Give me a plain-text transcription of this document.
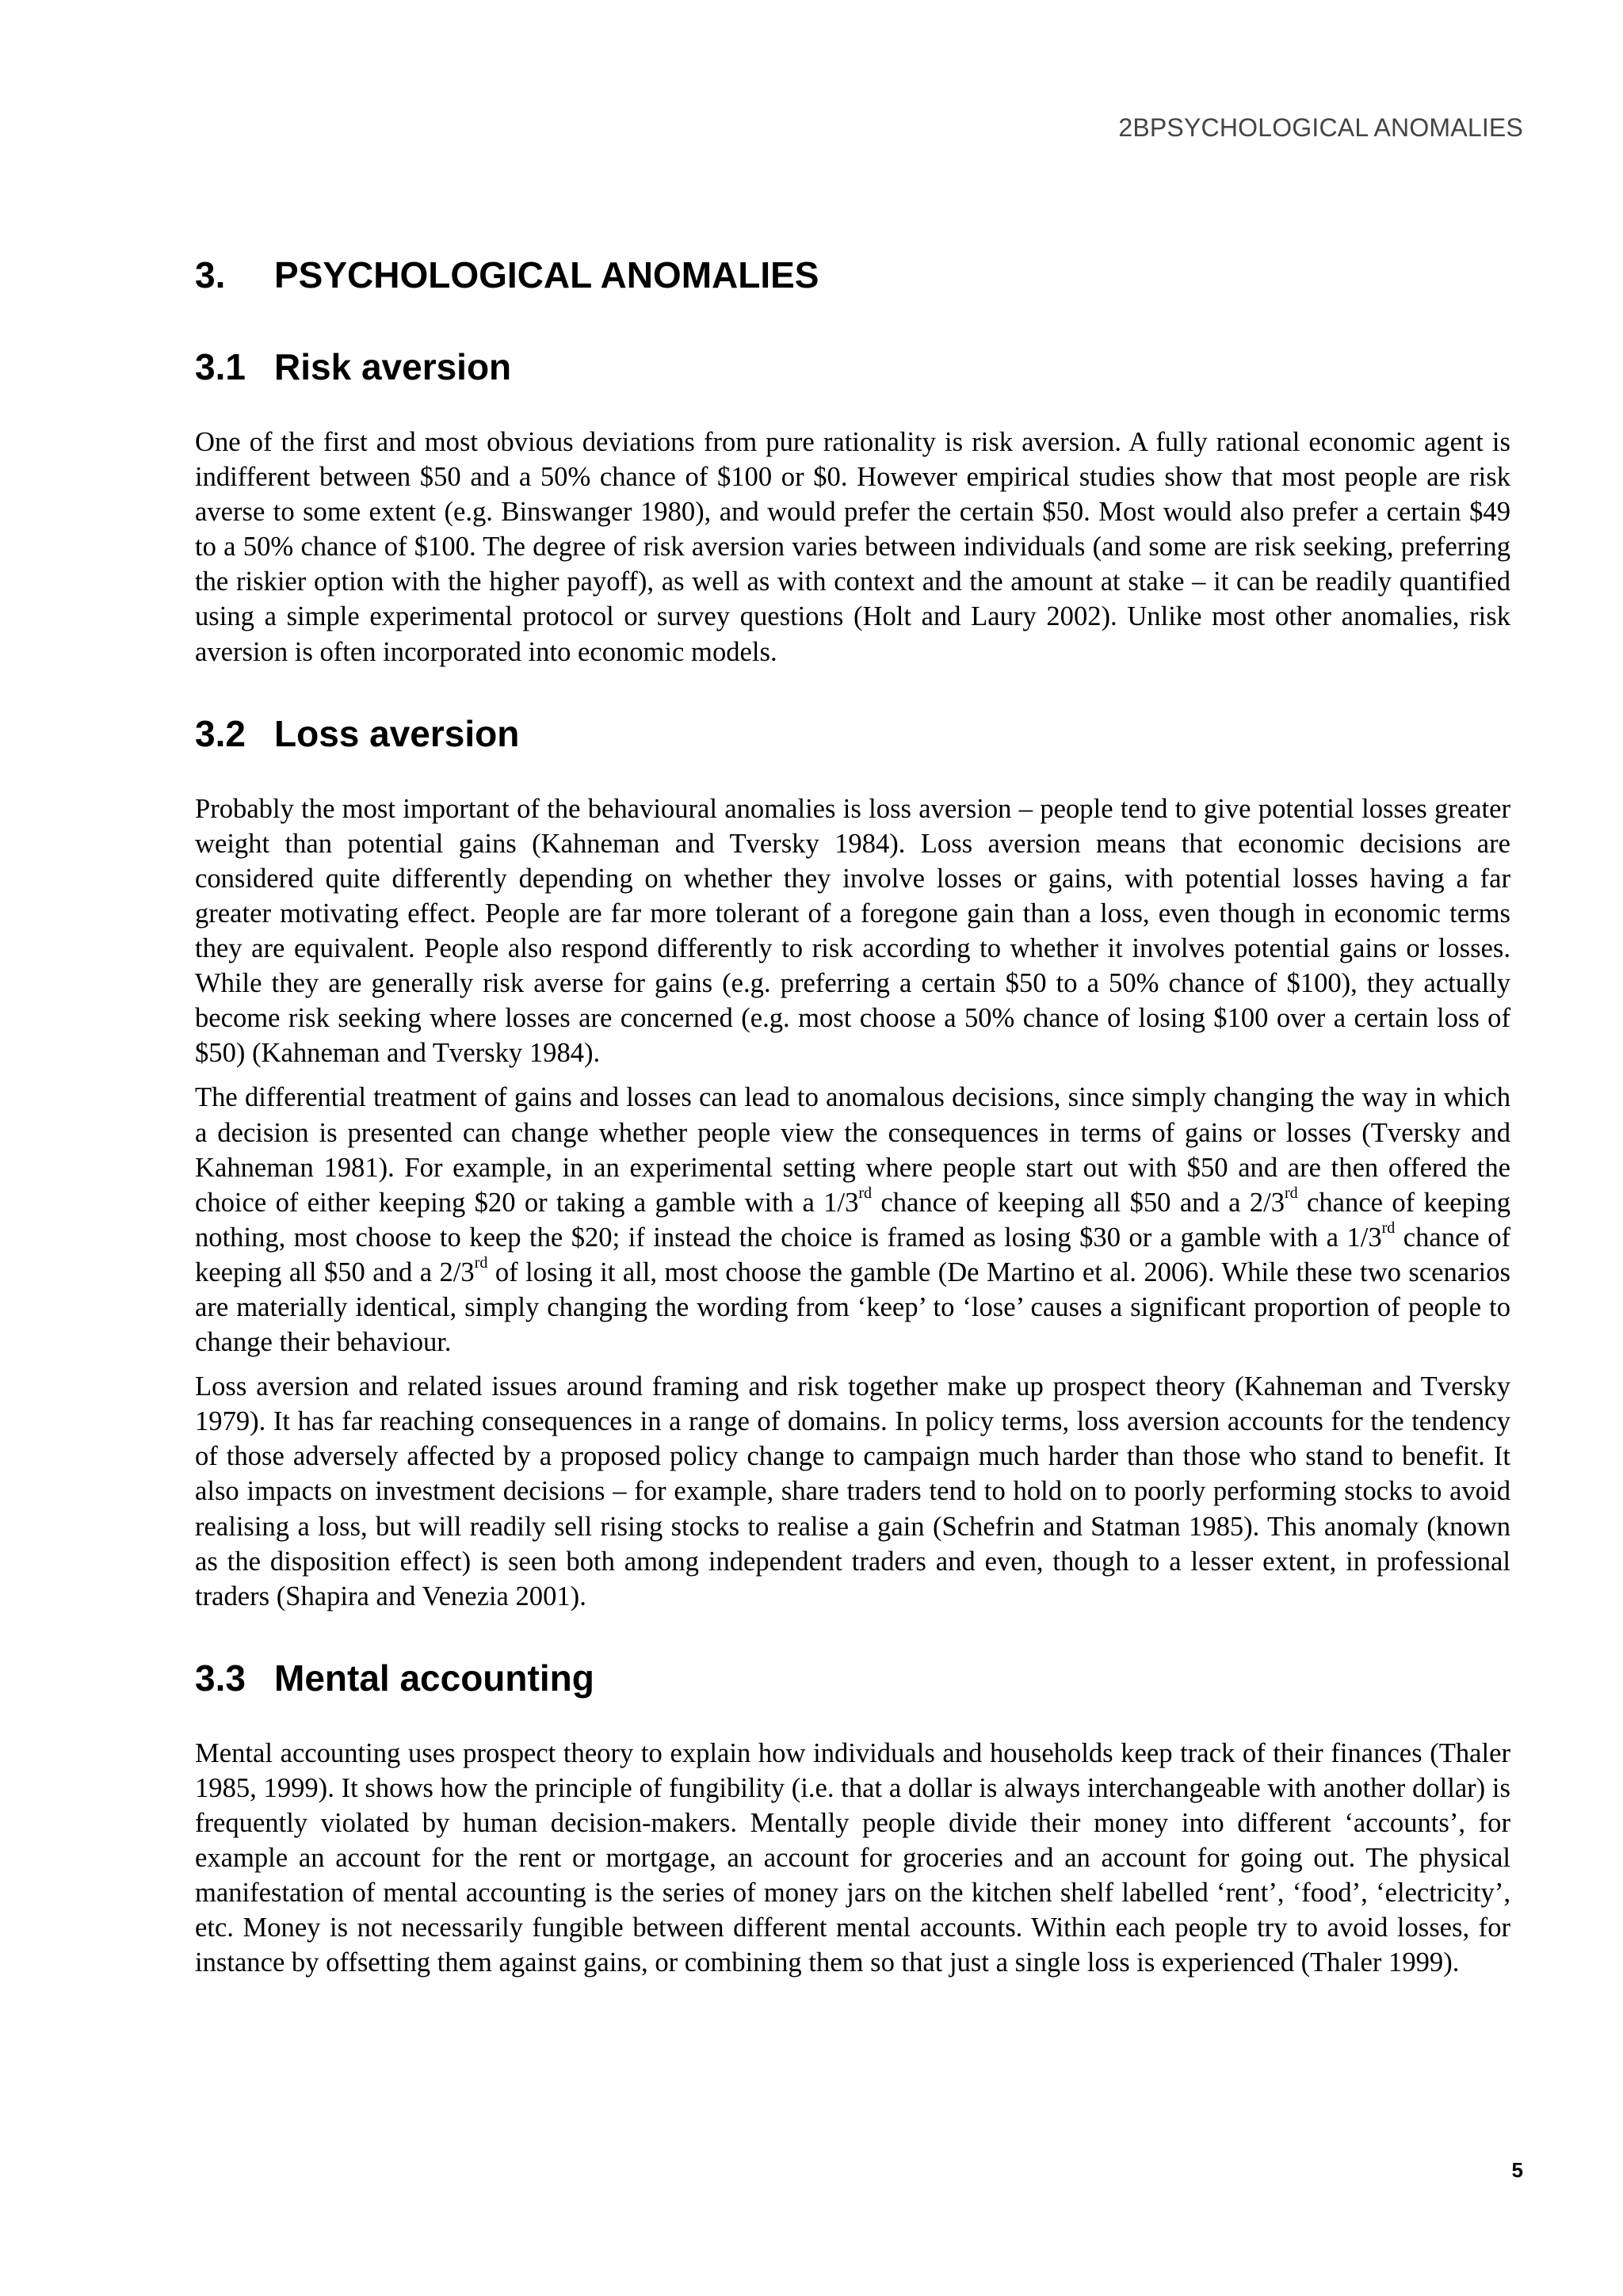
2BPSYCHOLOGICAL ANOMALIES
3.	PSYCHOLOGICAL ANOMALIES
3.1 Risk aversion

One of the first and most obvious deviations from pure rationality is risk aversion. A fully rational economic agent is indifferent between $50 and a 50% chance of $100 or $0. However empirical studies show that most people are risk averse to some extent (e.g. Binswanger 1980), and would prefer the certain $50. Most would also prefer a certain $49 to a 50% chance of $100. The degree of risk aversion varies between individuals (and some are risk seeking, preferring the riskier option with the higher payoff), as well as with context and the amount at stake – it can be readily quantified using a simple experimental protocol or survey questions (Holt and Laury 2002). Unlike most other anomalies, risk aversion is often incorporated into economic models.

3.2 Loss aversion

Probably the most important of the behavioural anomalies is loss aversion – people tend to give potential losses greater weight than potential gains (Kahneman and Tversky 1984). Loss aversion means that economic decisions are considered quite differently depending on whether they involve losses or gains, with potential losses having a far greater motivating effect. People are far more tolerant of a foregone gain than a loss, even though in economic terms they are equivalent. People also respond differently to risk according to whether it involves potential gains or losses. While they are generally risk averse for gains (e.g. preferring a certain $50 to a 50% chance of $100), they actually become risk seeking where losses are concerned (e.g. most choose a 50% chance of losing $100 over a certain loss of $50) (Kahneman and Tversky 1984).

The differential treatment of gains and losses can lead to anomalous decisions, since simply changing the way in which a decision is presented can change whether people view the consequences in terms of gains or losses (Tversky and Kahneman 1981). For example, in an experimental setting where people start out with $50 and are then offered the choice of either keeping $20 or taking a gamble with a 1/3rd chance of keeping all $50 and a 2/3rd chance of keeping nothing, most choose to keep the $20; if instead the choice is framed as losing $30 or a gamble with a 1/3rd chance of keeping all $50 and a 2/3rd of losing it all, most choose the gamble (De Martino et al. 2006). While these two scenarios are materially identical, simply changing the wording from ‘keep’ to ‘lose’ causes a significant proportion of people to change their behaviour.

Loss aversion and related issues around framing and risk together make up prospect theory (Kahneman and Tversky 1979). It has far reaching consequences in a range of domains. In policy terms, loss aversion accounts for the tendency of those adversely affected by a proposed policy change to campaign much harder than those who stand to benefit. It also impacts on investment decisions – for example, share traders tend to hold on to poorly performing stocks to avoid realising a loss, but will readily sell rising stocks to realise a gain (Schefrin and Statman 1985). This anomaly (known as the disposition effect) is seen both among independent traders and even, though to a lesser extent, in professional traders (Shapira and Venezia 2001).

3.3 Mental accounting

Mental accounting uses prospect theory to explain how individuals and households keep track of their finances (Thaler 1985, 1999). It shows how the principle of fungibility (i.e. that a dollar is always interchangeable with another dollar) is frequently violated by human decision-makers. Mentally people divide their money into different ‘accounts’, for example an account for the rent or mortgage, an account for groceries and an account for going out. The physical manifestation of mental accounting is the series of money jars on the kitchen shelf labelled ‘rent’, ‘food’, ‘electricity’, etc. Money is not necessarily fungible between different mental accounts. Within each people try to avoid losses, for instance by offsetting them against gains, or combining them so that just a single loss is experienced (Thaler 1999).

5
